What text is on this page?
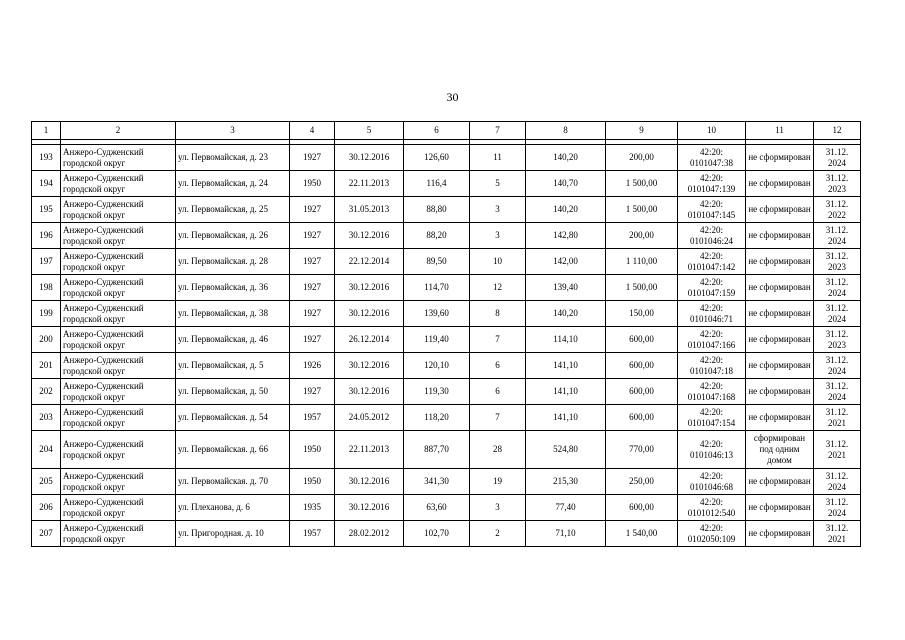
30
1	2	3	4	5	6	7	8	9	10	11	12

193	Анжеро-Судженский городской округ	ул. Первомайская, д. 23	1927	30.12.2016	126,60	11	140,20	200,00	42:20: 0101047:38	не сформирован	31.12. 2024
194	Анжеро-Судженский городской округ	ул. Первомайская, д. 24	1950	22.11.2013	116,4	5	140,70	1 500,00	42:20: 0101047:139	не сформирован	31.12. 2023
195	Анжеро-Судженский городской округ	ул. Первомайская, д. 25	1927	31.05.2013	88,80	3	140,20	1 500,00	42:20: 0101047:145	не сформирован	31.12. 2022
196	Анжеро-Судженский городской округ	ул. Первомайская, д. 26	1927	30.12.2016	88,20	3	142,80	200,00	42:20: 0101046:24	не сформирован	31.12. 2024
197	Анжеро-Судженский городской округ	ул. Первомайская. д. 28	1927	22.12.2014	89,50	10	142,00	1 110,00	42:20: 0101047:142	не сформирован	31.12. 2023
198	Анжеро-Судженский городской округ	ул. Первомайская, д. 36	1927	30.12.2016	114,70	12	139,40	1 500,00	42:20: 0101047:159	не сформирован	31.12. 2024
199	Анжеро-Судженский городской округ	ул. Первомайская, д. 38	1927	30.12.2016	139,60	8	140,20	150,00	42:20: 0101046:71	не сформирован	31.12. 2024
200	Анжеро-Судженский городской округ	ул. Первомайская, д. 46	1927	26.12.2014	119,40	7	114,10	600,00	42:20: 0101047:166	не сформирован	31.12. 2023
201	Анжеро-Судженский городской округ	ул. Первомайская, д. 5	1926	30.12.2016	120,10	6	141,10	600,00	42:20: 0101047:18	не сформирован	31.12. 2024
202	Анжеро-Судженский городской округ	ул. Первомайская, д. 50	1927	30.12.2016	119,30	6	141,10	600,00	42:20: 0101047:168	не сформирован	31.12. 2024
203	Анжеро-Судженский городской округ	ул. Первомайская. д. 54	1957	24.05.2012	118,20	7	141,10	600,00	42:20: 0101047:154	не сформирован	31.12. 2021
204	Анжеро-Судженский городской округ	ул. Первомайская. д. 66	1950	22.11.2013	887,70	28	524,80	770,00	42:20: 0101046:13	сформирован под одним домом	31.12. 2021
205	Анжеро-Судженский городской округ	ул. Первомайская. д. 70	1950	30.12.2016	341,30	19	215,30	250,00	42:20: 0101046:68	не сформирован	31.12. 2024
206	Анжеро-Судженский городской округ	ул. Плеханова, д. 6	1935	30.12.2016	63,60	3	77,40	600,00	42:20: 0101012:540	не сформирован	31.12. 2024
207	Анжеро-Судженский городской округ	ул. Пригородная. д. 10	1957	28.02.2012	102,70	2	71,10	1 540,00	42:20: 0102050:109	не сформирован	31.12. 2021
